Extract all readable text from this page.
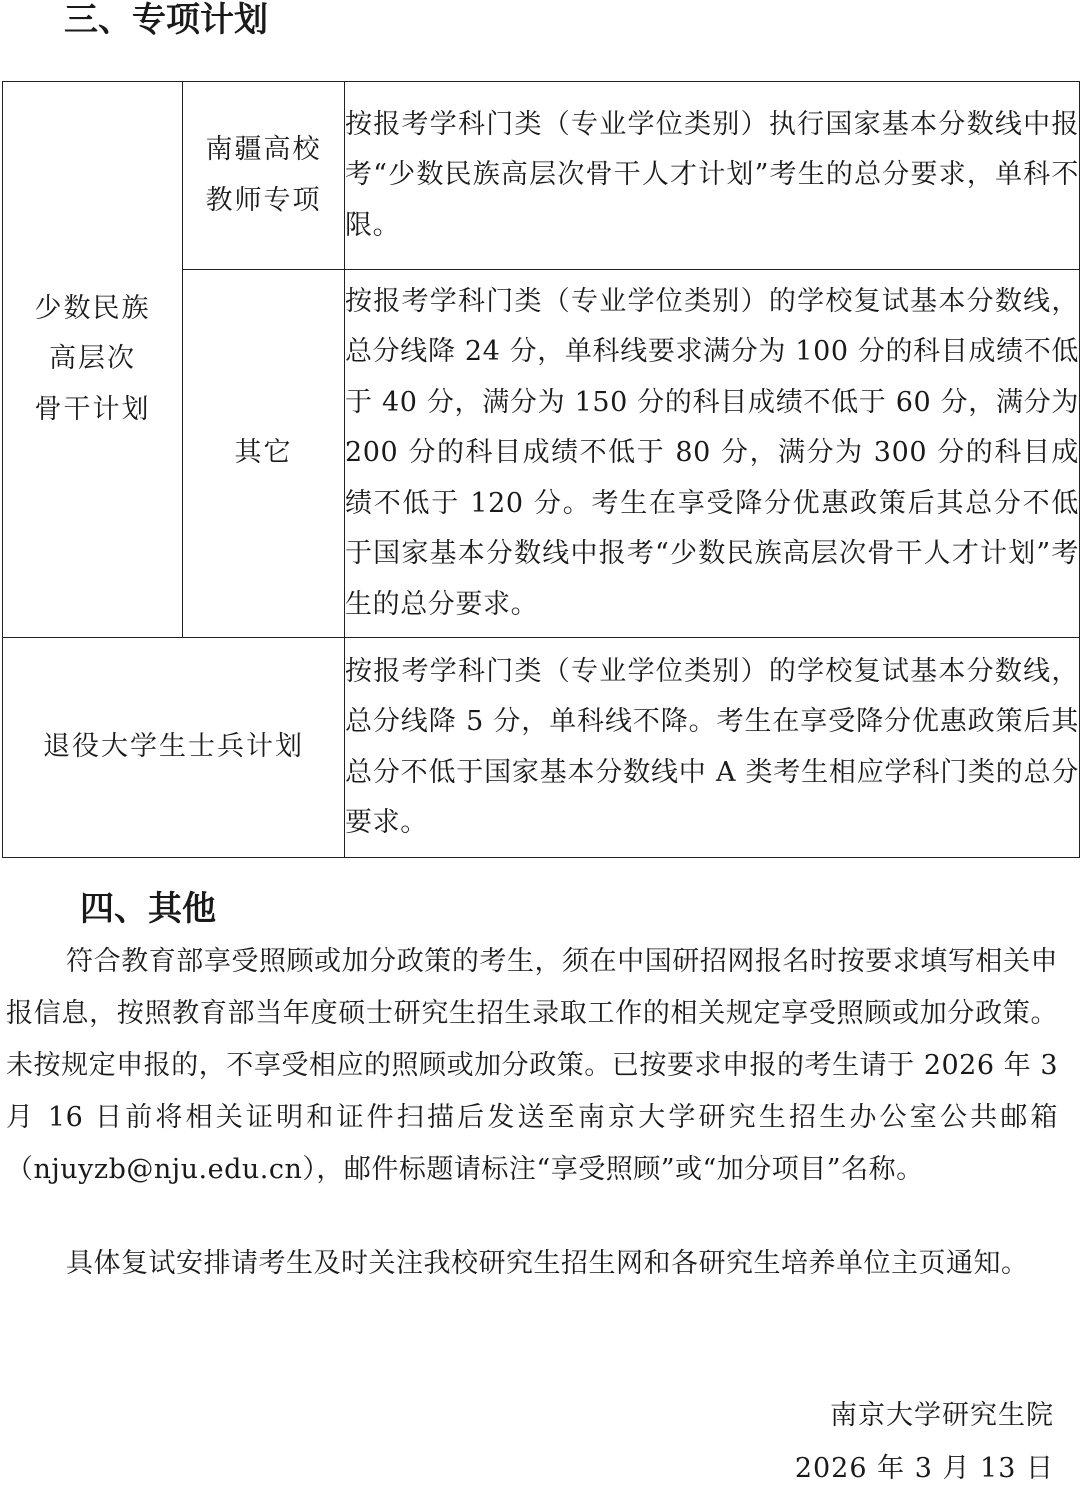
三、专项计划
少数民族
高层次
骨干计划	南疆高校
教师专项	按报考学科门类（专业学位类别）执行国家基本分数线中报考“少数民族高层次骨干人才计划”考生的总分要求，单科不限。
	其它	按报考学科门类（专业学位类别）的学校复试基本分数线，总分线降 24 分，单科线要求满分为 100 分的科目成绩不低于 40 分，满分为 150 分的科目成绩不低于 60 分，满分为 200 分的科目成绩不低于 80 分，满分为 300 分的科目成绩不低于 120 分。考生在享受降分优惠政策后其总分不低于国家基本分数线中报考“少数民族高层次骨干人才计划”考生的总分要求。
退役大学生士兵计划		按报考学科门类（专业学位类别）的学校复试基本分数线，总分线降 5 分，单科线不降。考生在享受降分优惠政策后其总分不低于国家基本分数线中 A 类考生相应学科门类的总分要求。
四、其他

符合教育部享受照顾或加分政策的考生，须在中国研招网报名时按要求填写相关申报信息，按照教育部当年度硕士研究生招生录取工作的相关规定享受照顾或加分政策。未按规定申报的，不享受相应的照顾或加分政策。已按要求申报的考生请于 2026 年 3 月 16 日前将相关证明和证件扫描后发送至南京大学研究生招生办公室公共邮箱（njuyzb@nju.edu.cn），邮件标题请标注“享受照顾”或“加分项目”名称。

具体复试安排请考生及时关注我校研究生招生网和各研究生培养单位主页通知。

南京大学研究生院

2026 年 3 月 13 日
